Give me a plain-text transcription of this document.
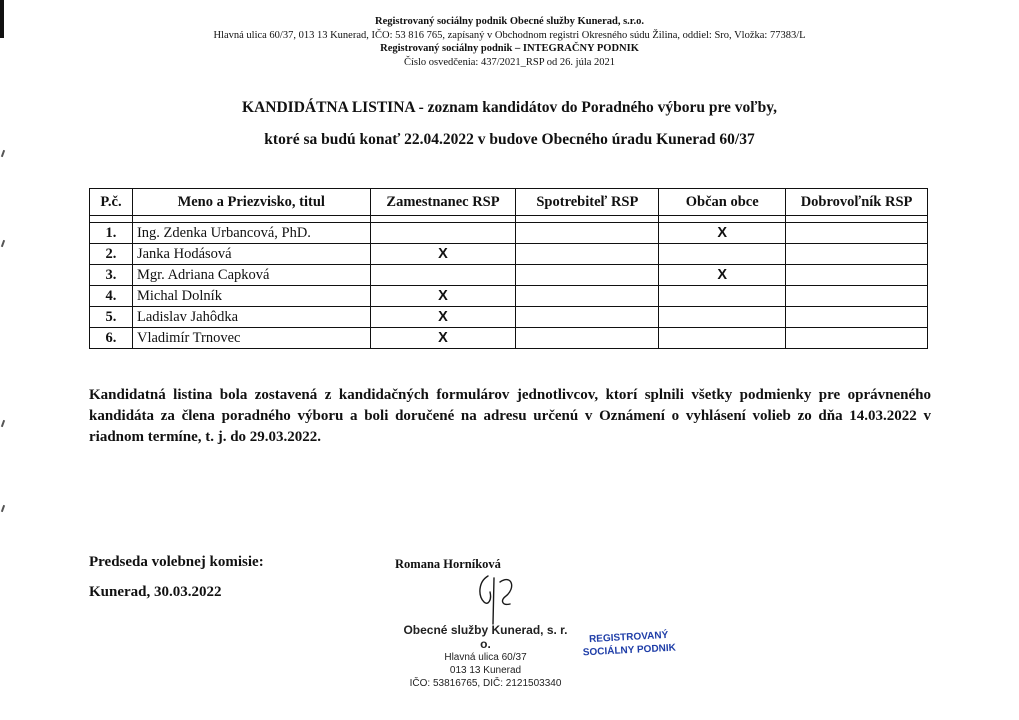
Registrovaný sociálny podnik Obecné služby Kunerad, s.r.o.
Hlavná ulica 60/37, 013 13 Kunerad, IČO: 53 816 765, zapísaný v Obchodnom registri Okresného súdu Žilina, oddiel: Sro, Vložka: 77383/L
Registrovaný sociálny podnik – INTEGRAČNY PODNIK
Číslo osvedčenia: 437/2021_RSP od 26. júla 2021
KANDIDÁTNA LISTINA - zoznam kandidátov do Poradného výboru pre voľby,
ktoré sa budú konať 22.04.2022 v budove Obecného úradu Kunerad 60/37
P.č.	Meno a Priezvisko, titul	Zamestnanec RSP	Spotrebiteľ RSP	Občan obce	Dobrovoľník RSP

1.	Ing. Zdenka Urbancová, PhD.			X	
2.	Janka Hodásová	X			
3.	Mgr. Adriana Capková			X	
4.	Michal Dolník	X			
5.	Ladislav Jahôdka	X			
6.	Vladimír Trnovec	X			
Kandidatná listina bola zostavená z kandidačných formulárov jednotlivcov, ktorí splnili všetky podmienky pre oprávneného kandidáta za člena poradného výboru a boli doručené na adresu určenú v Oznámení o vyhlásení volieb zo dňa 14.03.2022 v riadnom termíne, t. j. do 29.03.2022.
Predseda volebnej komisie:
Kunerad, 30.03.2022
Romana Horníková
Obecné služby Kunerad, s. r. o.
Hlavná ulica 60/37
013 13 Kunerad
IČO: 53816765, DIČ: 2121503340
REGISTROVANÝ
SOCIÁLNY PODNIK
